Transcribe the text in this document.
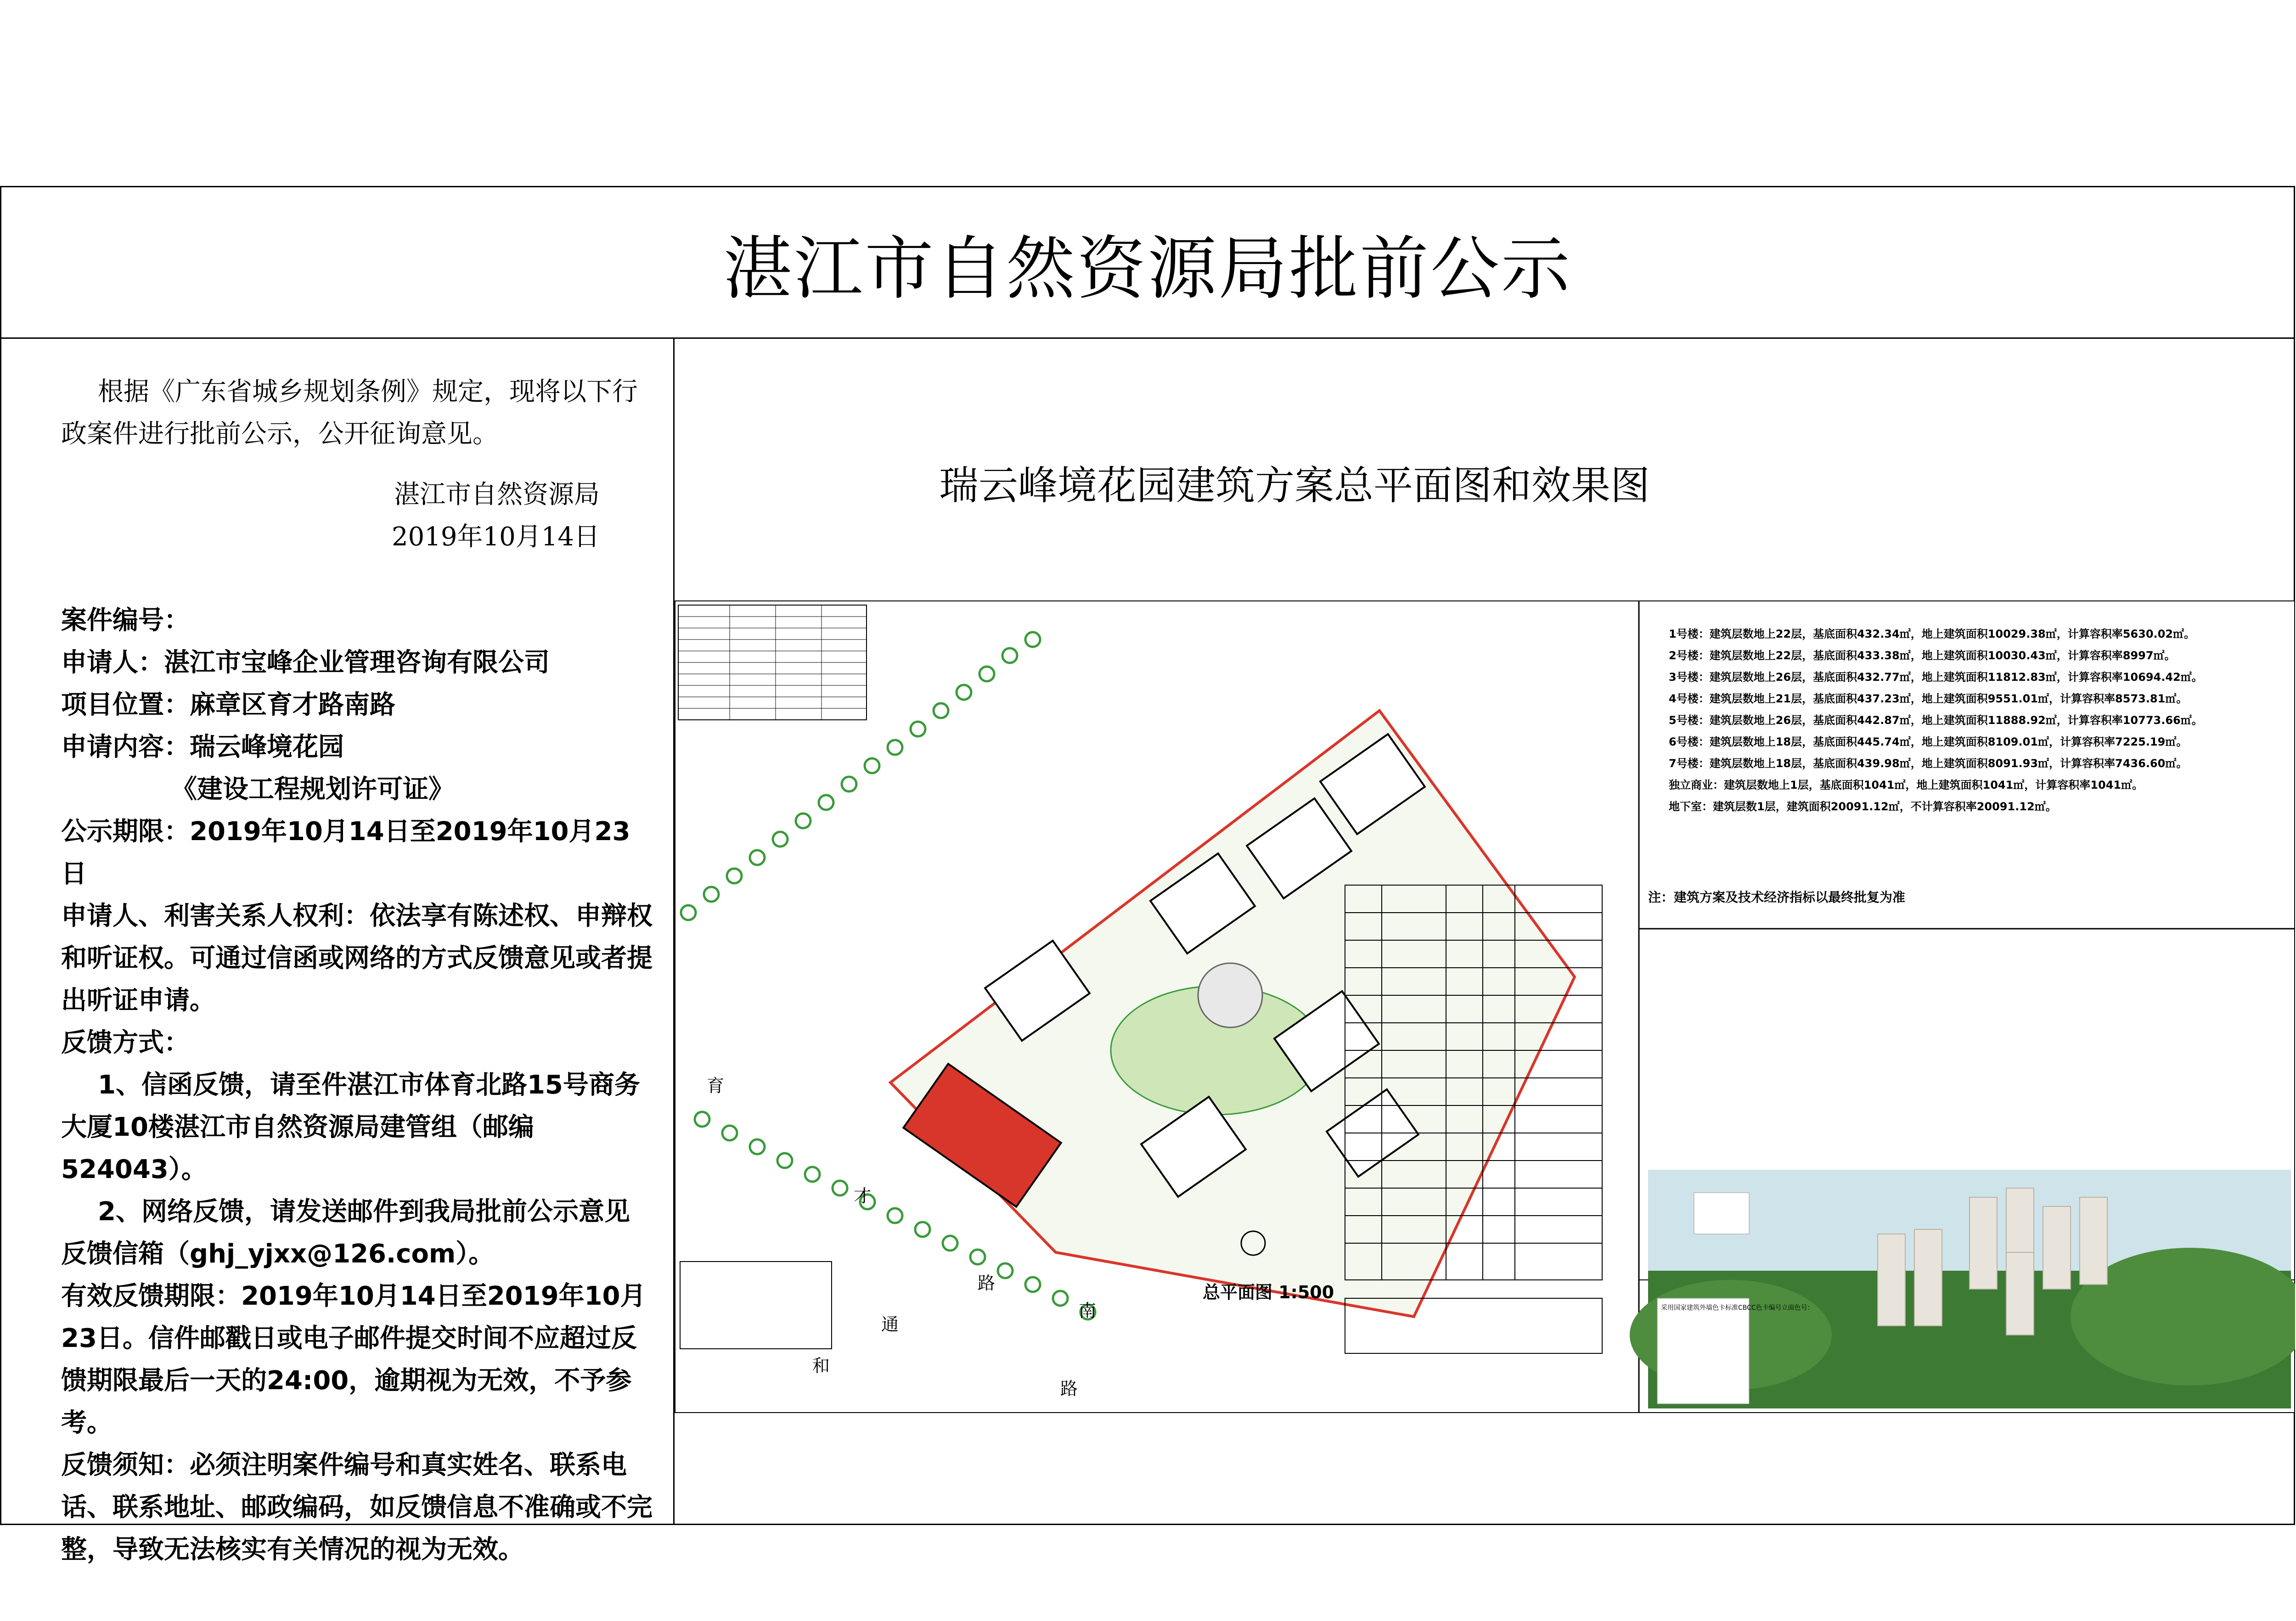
湛江市自然资源局批前公示

根据《广东省城乡规划条例》规定，现将以下行政案件进行批前公示，公开征询意见。

湛江市自然资源局

2019年10月14日

案件编号：

申请人：湛江市宝峰企业管理咨询有限公司

项目位置：麻章区育才路南路

申请内容：瑞云峰境花园

《建设工程规划许可证》

公示期限：2019年10月14日至2019年10月23日

申请人、利害关系人权利：依法享有陈述权、申辩权和听证权。可通过信函或网络的方式反馈意见或者提出听证申请。

反馈方式：

1、信函反馈，请至件湛江市体育北路15号商务大厦10楼湛江市自然资源局建管组（邮编524043）。

2、网络反馈，请发送邮件到我局批前公示意见反馈信箱（ghj_yjxx@126.com）。

有效反馈期限：2019年10月14日至2019年10月23日。信件邮戳日或电子邮件提交时间不应超过反馈期限最后一天的24:00，逾期视为无效，不予参考。

反馈须知：必须注明案件编号和真实姓名、联系电话、联系地址、邮政编码，如反馈信息不准确或不完整，导致无法核实有关情况的视为无效。

瑞云峰境花园建筑方案总平面图和效果图
育
才
路
南
和
通
路
总平面图 1:500
采用国家建筑外墙色卡标准CBCC色卡编号立面色号：
1号楼：建筑层数地上22层，基底面积432.34㎡，地上建筑面积10029.38㎡，计算容积率5630.02㎡。
2号楼：建筑层数地上22层，基底面积433.38㎡，地上建筑面积10030.43㎡，计算容积率8997㎡。
3号楼：建筑层数地上26层，基底面积432.77㎡，地上建筑面积11812.83㎡，计算容积率10694.42㎡。
4号楼：建筑层数地上21层，基底面积437.23㎡，地上建筑面积9551.01㎡，计算容积率8573.81㎡。
5号楼：建筑层数地上26层，基底面积442.87㎡，地上建筑面积11888.92㎡，计算容积率10773.66㎡。
6号楼：建筑层数地上18层，基底面积445.74㎡，地上建筑面积8109.01㎡，计算容积率7225.19㎡。
7号楼：建筑层数地上18层，基底面积439.98㎡，地上建筑面积8091.93㎡，计算容积率7436.60㎡。
独立商业：建筑层数地上1层，基底面积1041㎡，地上建筑面积1041㎡，计算容积率1041㎡。
地下室：建筑层数1层，建筑面积20091.12㎡，不计算容积率20091.12㎡。
注：建筑方案及技术经济指标以最终批复为准
